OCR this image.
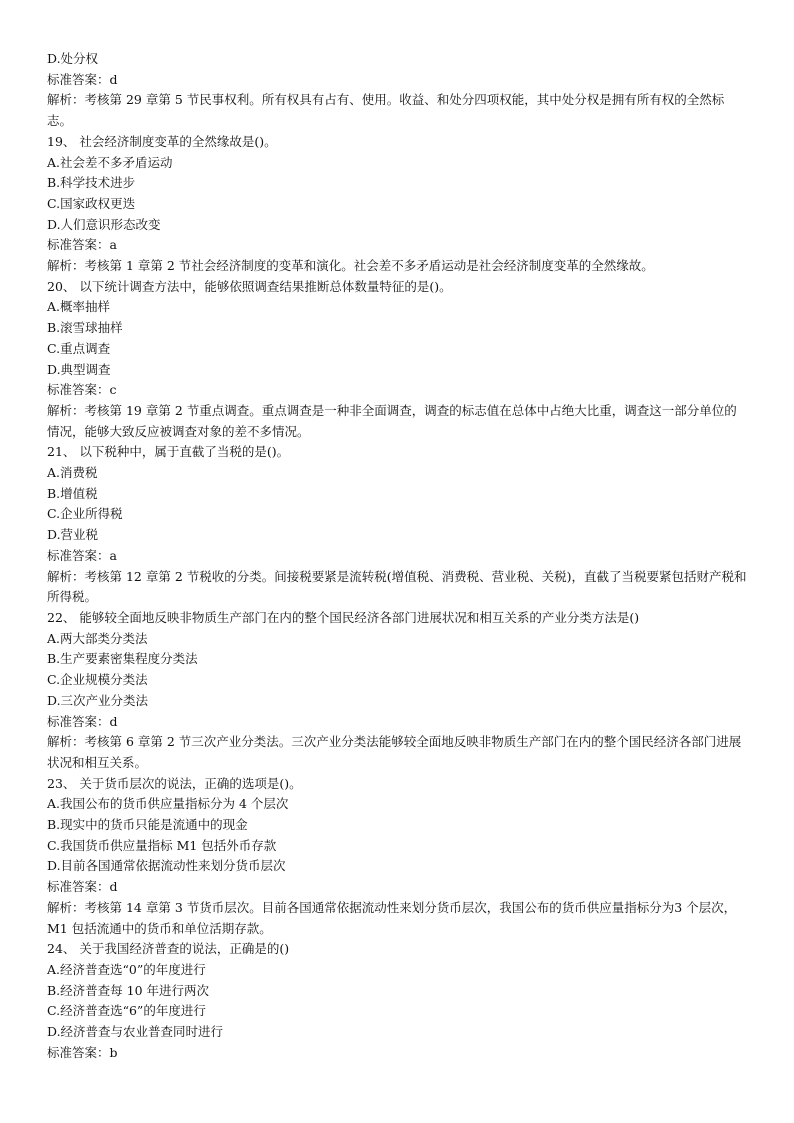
D.处分权
标准答案：d
解析：考核第 29 章第 5 节民事权利。所有权具有占有、使用。收益、和处分四项权能，其中处分权是拥有所有权的全然标志。
19、 社会经济制度变革的全然缘故是()。
A.社会差不多矛盾运动
B.科学技术进步
C.国家政权更迭
D.人们意识形态改变
标准答案：a
解析：考核第 1 章第 2 节社会经济制度的变革和演化。社会差不多矛盾运动是社会经济制度变革的全然缘故。
20、 以下统计调查方法中，能够依照调查结果推断总体数量特征的是()。
A.概率抽样
B.滚雪球抽样
C.重点调查
D.典型调查
标准答案：c
解析：考核第 19 章第 2 节重点调查。重点调查是一种非全面调查，调查的标志值在总体中占绝大比重，调查这一部分单位的情况，能够大致反应被调查对象的差不多情况。
21、 以下税种中，属于直截了当税的是()。
A.消费税
B.增值税
C.企业所得税
D.营业税
标准答案：a
解析：考核第 12 章第 2 节税收的分类。间接税要紧是流转税(增值税、消费税、营业税、关税)，直截了当税要紧包括财产税和所得税。
22、 能够较全面地反映非物质生产部门在内的整个国民经济各部门进展状况和相互关系的产业分类方法是()
A.两大部类分类法
B.生产要素密集程度分类法
C.企业规模分类法
D.三次产业分类法
标准答案：d
解析：考核第 6 章第 2 节三次产业分类法。三次产业分类法能够较全面地反映非物质生产部门在内的整个国民经济各部门进展状况和相互关系。
23、 关于货币层次的说法，正确的选项是()。
A.我国公布的货币供应量指标分为 4 个层次
B.现实中的货币只能是流通中的现金
C.我国货币供应量指标 M1 包括外币存款
D.目前各国通常依据流动性来划分货币层次
标准答案：d
解析：考核第 14 章第 3 节货币层次。目前各国通常依据流动性来划分货币层次，我国公布的货币供应量指标分为3 个层次，M1 包括流通中的货币和单位活期存款。
24、 关于我国经济普查的说法，正确是的()
A.经济普查选“0”的年度进行
B.经济普查每 10 年进行两次
C.经济普查选“6”的年度进行
D.经济普查与农业普查同时进行
标准答案：b
